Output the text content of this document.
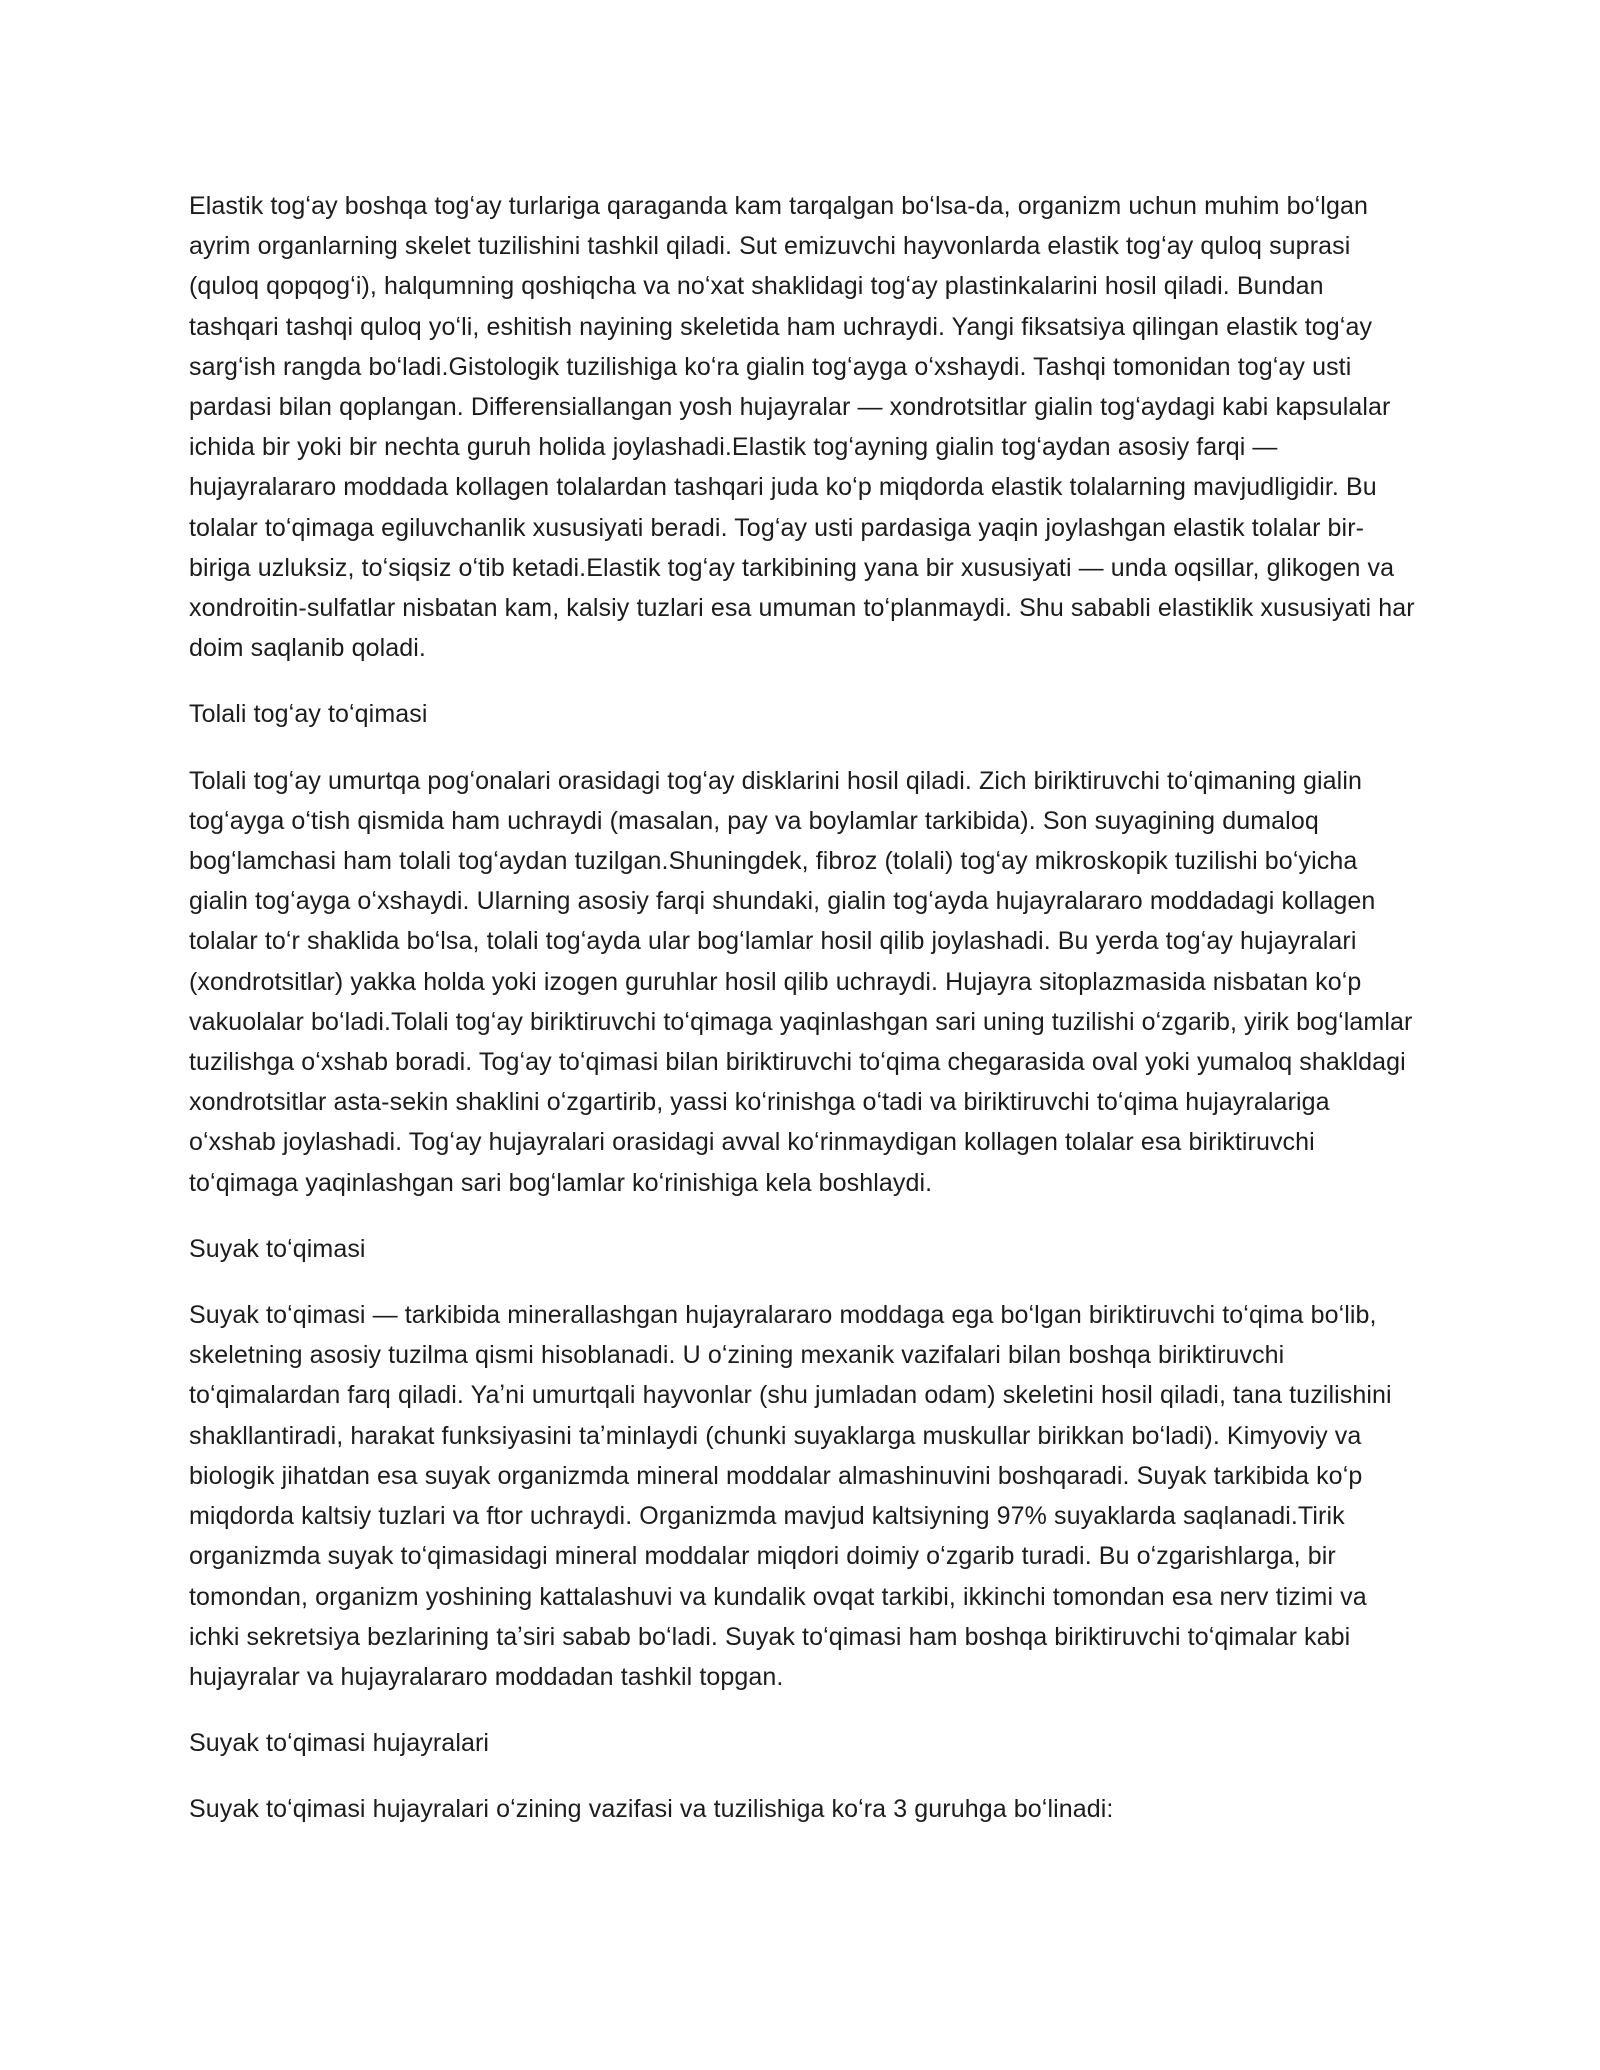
Elastik togʻay boshqa togʻay turlariga qaraganda kam tarqalgan boʻlsa-da, organizm uchun muhim boʻlgan ayrim organlarning skelet tuzilishini tashkil qiladi. Sut emizuvchi hayvonlarda elastik togʻay quloq suprasi (quloq qopqogʻi), halqumning qoshiqcha va noʻxat shaklidagi togʻay plastinkalarini hosil qiladi. Bundan tashqari tashqi quloq yoʻli, eshitish nayining skeletida ham uchraydi. Yangi fiksatsiya qilingan elastik togʻay sargʻish rangda boʻladi.Gistologik tuzilishiga koʻra gialin togʻayga oʻxshaydi. Tashqi tomonidan togʻay usti pardasi bilan qoplangan. Differensiallangan yosh hujayralar — xondrotsitlar gialin togʻaydagi kabi kapsulalar ichida bir yoki bir nechta guruh holida joylashadi.Elastik togʻayning gialin togʻaydan asosiy farqi — hujayralararo moddada kollagen tolalardan tashqari juda koʻp miqdorda elastik tolalarning mavjudligidir. Bu tolalar toʻqimaga egiluvchanlik xususiyati beradi. Togʻay usti pardasiga yaqin joylashgan elastik tolalar bir-biriga uzluksiz, toʻsiqsiz oʻtib ketadi.Elastik togʻay tarkibining yana bir xususiyati — unda oqsillar, glikogen va xondroitin-sulfatlar nisbatan kam, kalsiy tuzlari esa umuman toʻplanmaydi. Shu sababli elastiklik xususiyati har doim saqlanib qoladi.

Tolali togʻay toʻqimasi

Tolali togʻay umurtqa pogʻonalari orasidagi togʻay disklarini hosil qiladi. Zich biriktiruvchi toʻqimaning gialin togʻayga oʻtish qismida ham uchraydi (masalan, pay va boylamlar tarkibida). Son suyagining dumaloq bogʻlamchasi ham tolali togʻaydan tuzilgan.Shuningdek, fibroz (tolali) togʻay mikroskopik tuzilishi boʻyicha gialin togʻayga oʻxshaydi. Ularning asosiy farqi shundaki, gialin togʻayda hujayralararo moddadagi kollagen tolalar toʻr shaklida boʻlsa, tolali togʻayda ular bogʻlamlar hosil qilib joylashadi. Bu yerda togʻay hujayralari (xondrotsitlar) yakka holda yoki izogen guruhlar hosil qilib uchraydi. Hujayra sitoplazmasida nisbatan koʻp vakuolalar boʻladi.Tolali togʻay biriktiruvchi toʻqimaga yaqinlashgan sari uning tuzilishi oʻzgarib, yirik bogʻlamlar tuzilishga oʻxshab boradi. Togʻay toʻqimasi bilan biriktiruvchi toʻqima chegarasida oval yoki yumaloq shakldagi xondrotsitlar asta-sekin shaklini oʻzgartirib, yassi koʻrinishga oʻtadi va biriktiruvchi toʻqima hujayralariga oʻxshab joylashadi. Togʻay hujayralari orasidagi avval koʻrinmaydigan kollagen tolalar esa biriktiruvchi toʻqimaga yaqinlashgan sari bogʻlamlar koʻrinishiga kela boshlaydi.

Suyak toʻqimasi

Suyak toʻqimasi — tarkibida minerallashgan hujayralararo moddaga ega boʻlgan biriktiruvchi toʻqima boʻlib, skeletning asosiy tuzilma qismi hisoblanadi. U oʻzining mexanik vazifalari bilan boshqa biriktiruvchi toʻqimalardan farq qiladi. Yaʼni umurtqali hayvonlar (shu jumladan odam) skeletini hosil qiladi, tana tuzilishini shakllantiradi, harakat funksiyasini taʼminlaydi (chunki suyaklarga muskullar birikkan boʻladi). Kimyoviy va biologik jihatdan esa suyak organizmda mineral moddalar almashinuvini boshqaradi. Suyak tarkibida koʻp miqdorda kaltsiy tuzlari va ftor uchraydi. Organizmda mavjud kaltsiyning 97% suyaklarda saqlanadi.Tirik organizmda suyak toʻqimasidagi mineral moddalar miqdori doimiy oʻzgarib turadi. Bu oʻzgarishlarga, bir tomondan, organizm yoshining kattalashuvi va kundalik ovqat tarkibi, ikkinchi tomondan esa nerv tizimi va ichki sekretsiya bezlarining taʼsiri sabab boʻladi. Suyak toʻqimasi ham boshqa biriktiruvchi toʻqimalar kabi hujayralar va hujayralararo moddadan tashkil topgan.

Suyak toʻqimasi hujayralari

Suyak toʻqimasi hujayralari oʻzining vazifasi va tuzilishiga koʻra 3 guruhga boʻlinadi:
